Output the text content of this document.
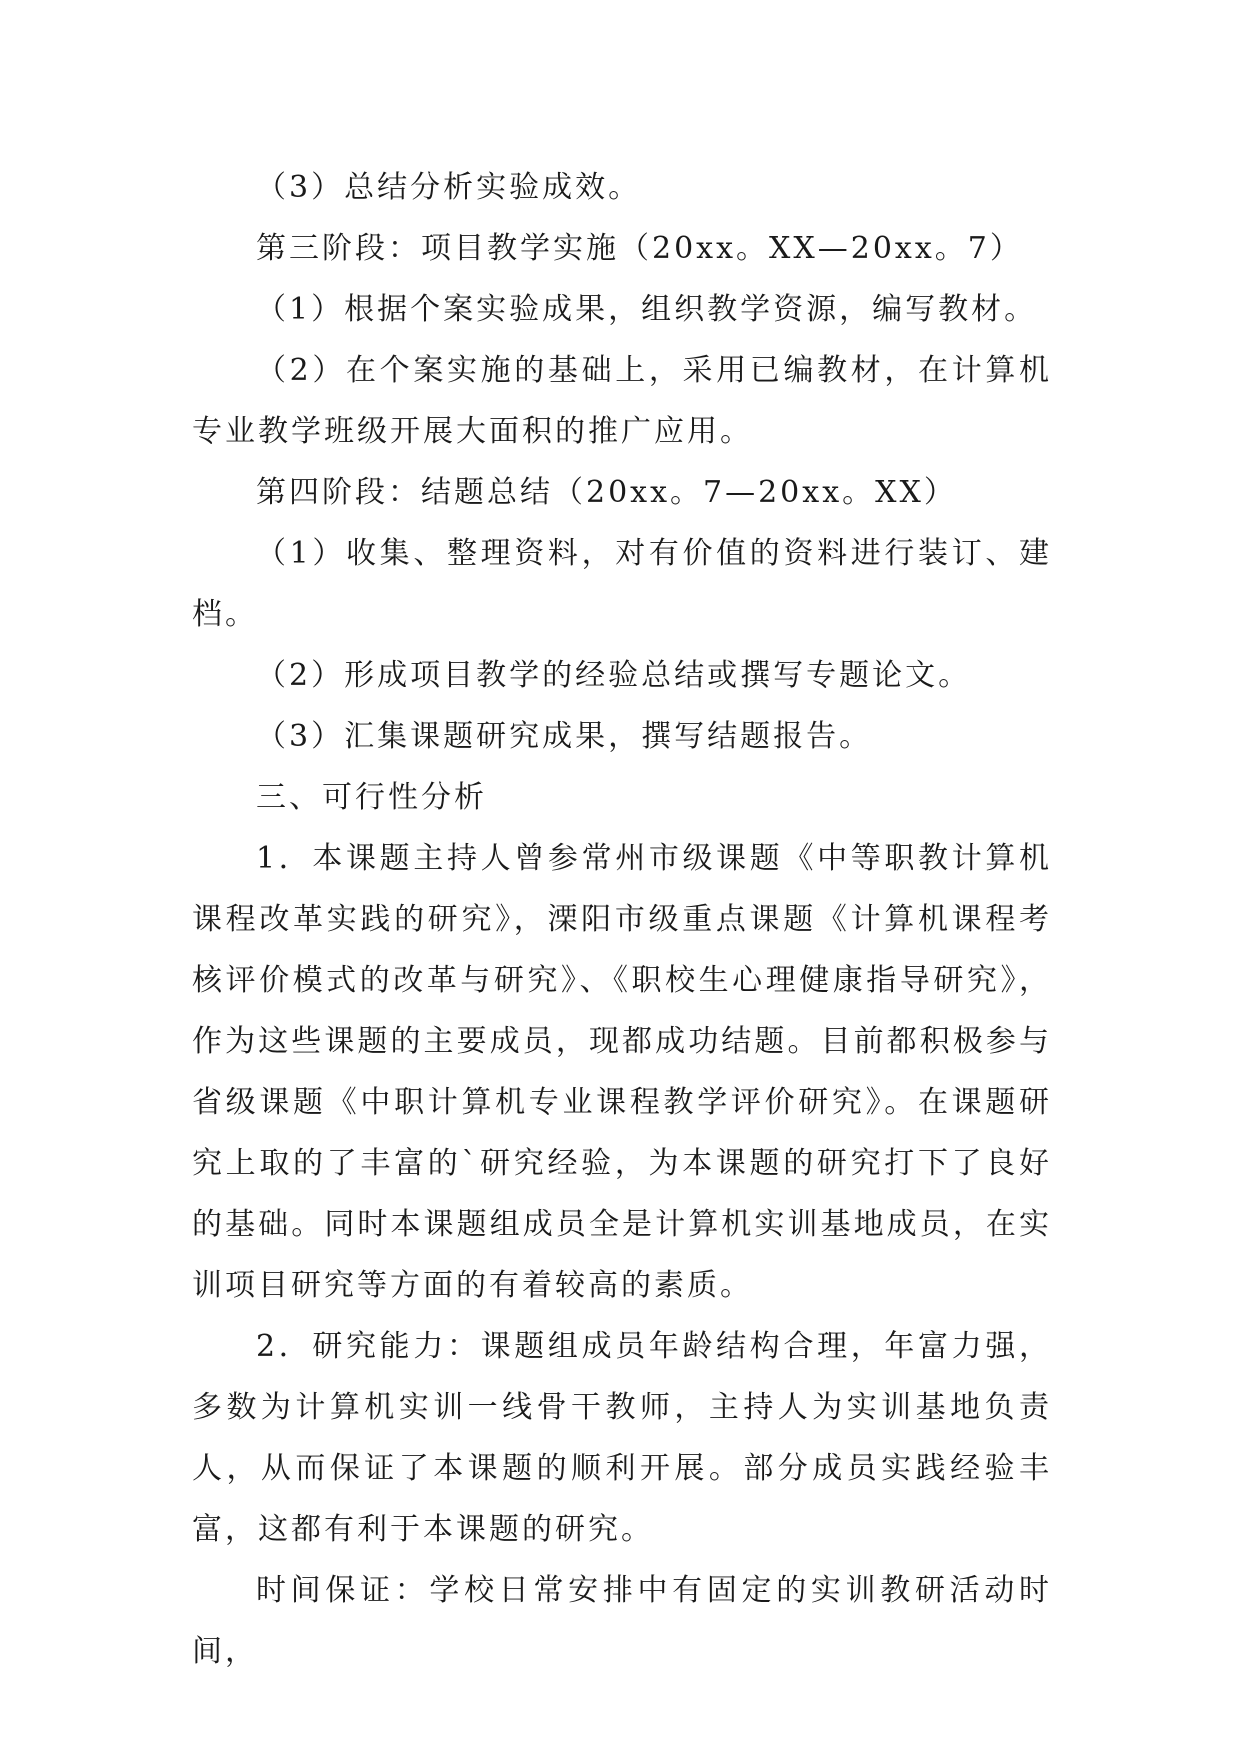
（3）总结分析实验成效。

第三阶段：项目教学实施（20xx。XX—20xx。7）

（1）根据个案实验成果，组织教学资源，编写教材。

（2）在个案实施的基础上，采用已编教材，在计算机专业教学班级开展大面积的推广应用。

第四阶段：结题总结（20xx。7—20xx。XX）

（1）收集、整理资料，对有价值的资料进行装订、建档。

（2）形成项目教学的经验总结或撰写专题论文。

（3）汇集课题研究成果，撰写结题报告。

三、可行性分析

1．本课题主持人曾参常州市级课题《中等职教计算机课程改革实践的研究》，溧阳市级重点课题《计算机课程考核评价模式的改革与研究》、《职校生心理健康指导研究》，作为这些课题的主要成员，现都成功结题。目前都积极参与省级课题《中职计算机专业课程教学评价研究》。在课题研究上取的了丰富的`研究经验，为本课题的研究打下了良好的基础。同时本课题组成员全是计算机实训基地成员，在实训项目研究等方面的有着较高的素质。

2．研究能力：课题组成员年龄结构合理，年富力强，多数为计算机实训一线骨干教师，主持人为实训基地负责人，从而保证了本课题的顺利开展。部分成员实践经验丰富，这都有利于本课题的研究。

时间保证：学校日常安排中有固定的实训教研活动时间，
